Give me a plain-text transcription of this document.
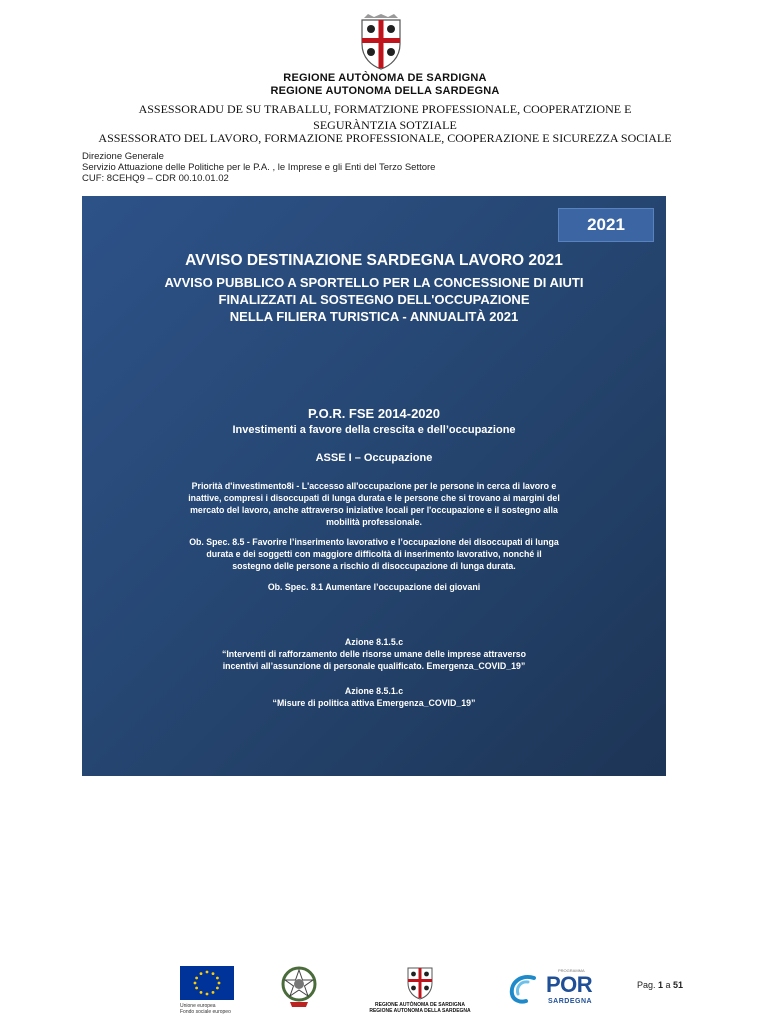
REGIONE AUTÒNOMA DE SARDIGNA
REGIONE AUTONOMA DELLA SARDEGNA
ASSESSORADU DE SU TRABALLU, FORMATZIONE PROFESSIONALE, COOPERATZIONE E SEGURÀNTZIA SOTZIALE
ASSESSORATO DEL LAVORO, FORMAZIONE PROFESSIONALE, COOPERAZIONE E SICUREZZA SOCIALE
Direzione Generale
Servizio Attuazione delle Politiche per le P.A. , le Imprese e gli Enti del Terzo Settore
CUF: 8CEHQ9 – CDR 00.10.01.02
2021
AVVISO DESTINAZIONE SARDEGNA LAVORO 2021
AVVISO PUBBLICO A SPORTELLO PER LA CONCESSIONE DI AIUTI
FINALIZZATI AL SOSTEGNO DELL'OCCUPAZIONE
NELLA FILIERA TURISTICA - ANNUALITÀ 2021
P.O.R. FSE 2014-2020
Investimenti a favore della crescita e dell’occupazione
ASSE I – Occupazione
Priorità d'investimento8i - L'accesso all'occupazione per le persone in cerca di lavoro e
inattive, compresi i disoccupati di lunga durata e le persone che si trovano ai margini del
mercato del lavoro, anche attraverso iniziative locali per l'occupazione e il sostegno alla
mobilità professionale.
Ob. Spec. 8.5 - Favorire l’inserimento lavorativo e l’occupazione dei disoccupati di lunga
durata e dei soggetti con maggiore difficoltà di inserimento lavorativo, nonché il
sostegno delle persone a rischio di disoccupazione di lunga durata.
Ob. Spec. 8.1 Aumentare l’occupazione dei giovani
Azione 8.1.5.c
“Interventi di rafforzamento delle risorse umane delle imprese attraverso
incentivi all’assunzione di personale qualificato. Emergenza_COVID_19”
Azione 8.5.1.c
“Misure di politica attiva Emergenza_COVID_19”
Unione europea
Fondo sociale europeo
REGIONE AUTÒNOMA DE SARDIGNA
REGIONE AUTONOMA DELLA SARDEGNA
PROGRAMMA
POR
SARDEGNA
Pag. 1 a 51
